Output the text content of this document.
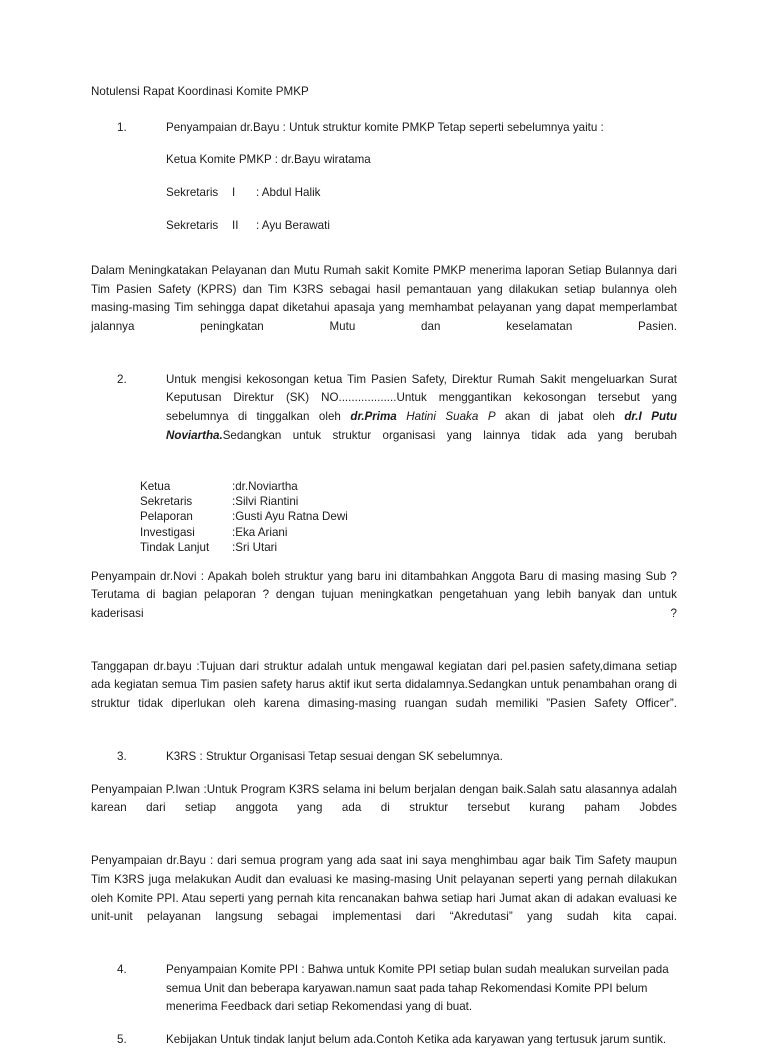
Notulensi Rapat Koordinasi Komite PMKP

1.	Penyampaian dr.Bayu : Untuk struktur komite PMKP Tetap seperti sebelumnya yaitu :
Ketua Komite PMKP : dr.Bayu wiratama
Sekretaris I : Abdul Halik
Sekretaris II : Ayu Berawati

Dalam Meningkatakan Pelayanan dan Mutu Rumah sakit Komite PMKP menerima laporan Setiap Bulannya dari Tim Pasien Safety (KPRS) dan Tim K3RS sebagai hasil pemantauan yang dilakukan setiap bulannya oleh masing-masing Tim sehingga dapat diketahui apasaja yang memhambat pelayanan yang dapat memperlambat jalannya peningkatan Mutu dan keselamatan Pasien.

2.	Untuk mengisi kekosongan ketua Tim Pasien Safety, Direktur Rumah Sakit mengeluarkan Surat Keputusan Direktur (SK) NO..................Untuk menggantikan kekosongan tersebut yang sebelumnya di tinggalkan oleh dr.Prima Hatini Suaka P akan di jabat oleh dr.I Putu Noviartha.Sedangkan untuk struktur organisasi yang lainnya tidak ada yang berubah
Ketua	:dr.Noviartha
Sekretaris	:Silvi Riantini
Pelaporan	:Gusti Ayu Ratna Dewi
Investigasi	:Eka Ariani
Tindak Lanjut :Sri Utari

Penyampain dr.Novi : Apakah boleh struktur yang baru ini ditambahkan Anggota Baru di masing masing Sub ?Terutama di bagian pelaporan ? dengan tujuan meningkatkan pengetahuan yang lebih banyak dan untuk kaderisasi ?

Tanggapan dr.bayu :Tujuan dari struktur adalah untuk mengawal kegiatan dari pel.pasien safety,dimana setiap ada kegiatan semua Tim pasien safety harus aktif ikut serta didalamnya.Sedangkan untuk penambahan orang di struktur tidak diperlukan oleh karena dimasing-masing ruangan sudah memiliki ”Pasien Safety Officer”.

3.	K3RS : Struktur Organisasi Tetap sesuai dengan SK sebelumnya.

Penyampaian P.Iwan :Untuk Program K3RS selama ini belum berjalan dengan baik.Salah satu alasannya adalah karean dari setiap anggota yang ada di struktur tersebut kurang paham Jobdes

Penyampaian dr.Bayu : dari semua program yang ada saat ini saya menghimbau agar baik Tim Safety maupun Tim K3RS juga melakukan Audit dan evaluasi ke masing-masing Unit pelayanan seperti yang pernah dilakukan oleh Komite PPI. Atau seperti yang pernah kita rencanakan bahwa setiap hari Jumat akan di adakan evaluasi ke unit-unit pelayanan langsung sebagai implementasi dari “Akredutasi” yang sudah kita capai.

4.	Penyampaian Komite PPI : Bahwa untuk Komite PPI setiap bulan sudah mealukan surveilan pada semua Unit dan beberapa karyawan.namun saat pada tahap Rekomendasi Komite PPI belum menerima Feedback dari setiap Rekomendasi yang di buat.
5.	Kebijakan Untuk tindak lanjut belum ada.Contoh Ketika ada karyawan yang tertusuk jarum suntik.
